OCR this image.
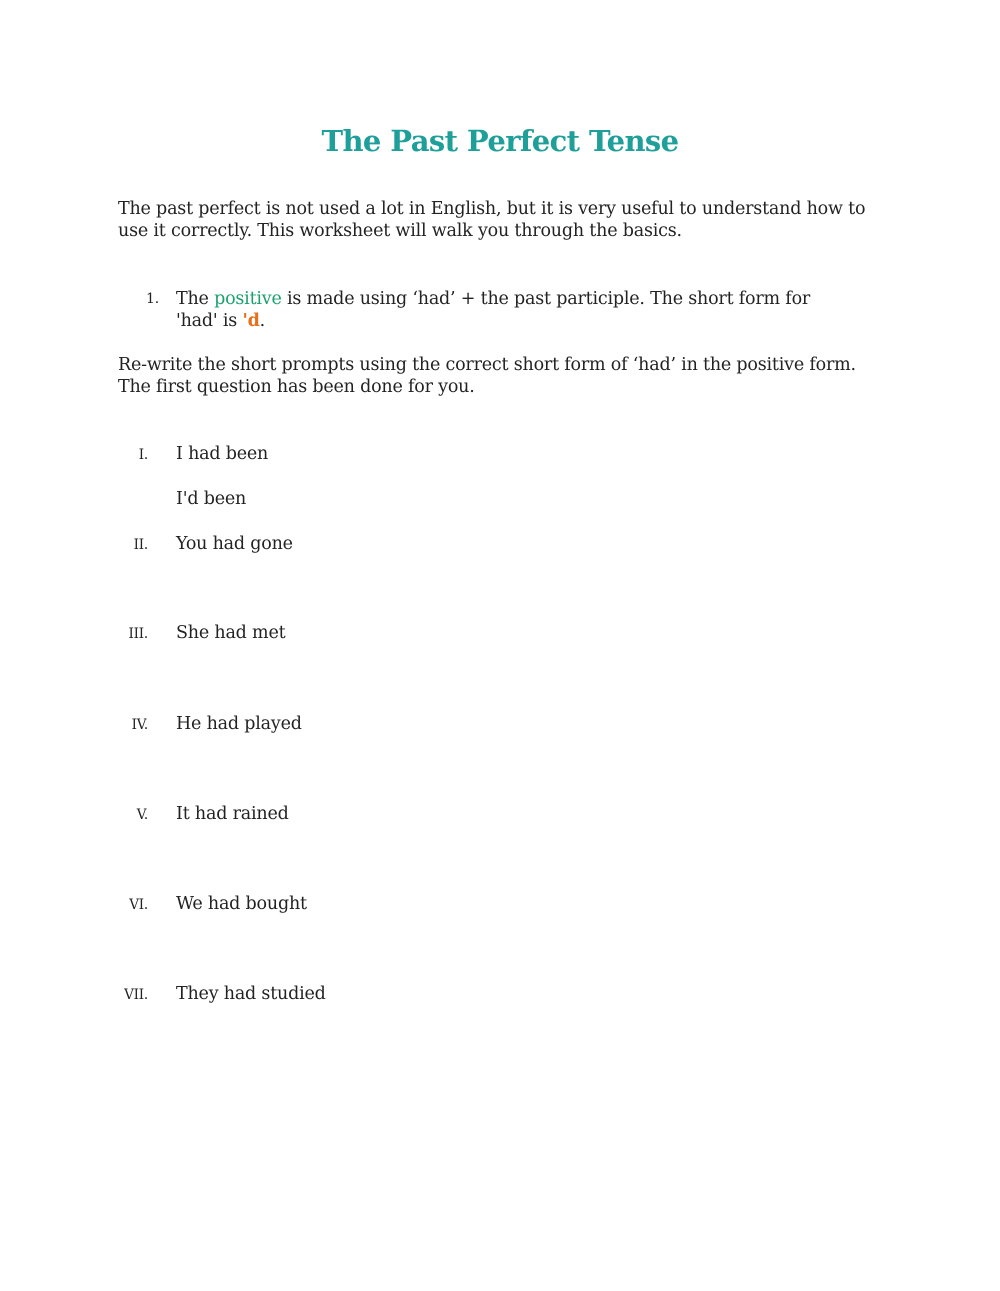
The Past Perfect Tense

The past perfect is not used a lot in English, but it is very useful to understand how to use it correctly. This worksheet will walk you through the basics.

1. The positive is made using ‘had’ + the past participle. The short form for 'had' is 'd.

Re-write the short prompts using the correct short form of ‘had’ in the positive form. The first question has been done for you.

I. I had been
I'd been
II. You had gone
III. She had met
IV. He had played
V. It had rained
VI. We had bought
VII. They had studied
